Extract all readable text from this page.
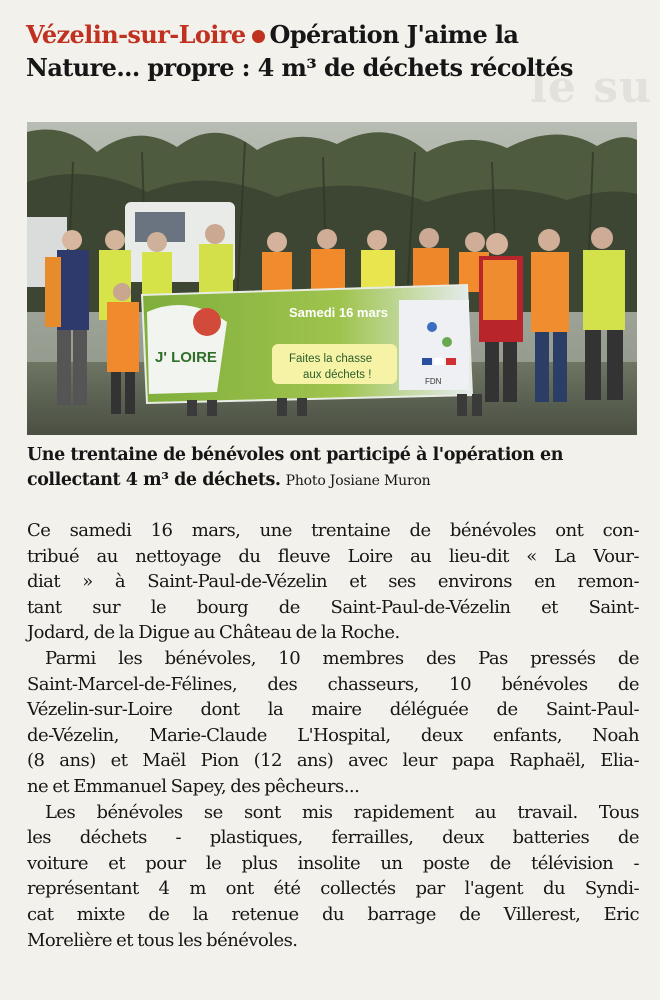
le su
Vézelin-sur-Loire Opération J'aime la
Nature... propre : 4 m³ de déchets récoltés
Samedi 16 mars
J' LOIRE	Faites la chasse
aux déchets !
FDN

Une trentaine de bénévoles ont participé à l'opération en
collectant 4 m³ de déchets. Photo Josiane Muron

Ce samedi 16 mars, une trentaine de bénévoles ont con-
tribué au nettoyage du fleuve Loire au lieu-dit « La Vour-
diat » à Saint-Paul-de-Vézelin et ses environs en remon-
tant sur le bourg de Saint-Paul-de-Vézelin et Saint-
Jodard, de la Digue au Château de la Roche.
Parmi les bénévoles, 10 membres des Pas pressés de
Saint-Marcel-de-Félines, des chasseurs, 10 bénévoles de
Vézelin-sur-Loire dont la maire déléguée de Saint-Paul-
de-Vézelin, Marie-Claude L'Hospital, deux enfants, Noah
(8 ans) et Maël Pion (12 ans) avec leur papa Raphaël, Elia-
ne et Emmanuel Sapey, des pêcheurs...
Les bénévoles se sont mis rapidement au travail. Tous
les déchets - plastiques, ferrailles, deux batteries de
voiture et pour le plus insolite un poste de télévision -
représentant 4 m ont été collectés par l'agent du Syndi-
cat mixte de la retenue du barrage de Villerest, Eric
Morelière et tous les bénévoles.
